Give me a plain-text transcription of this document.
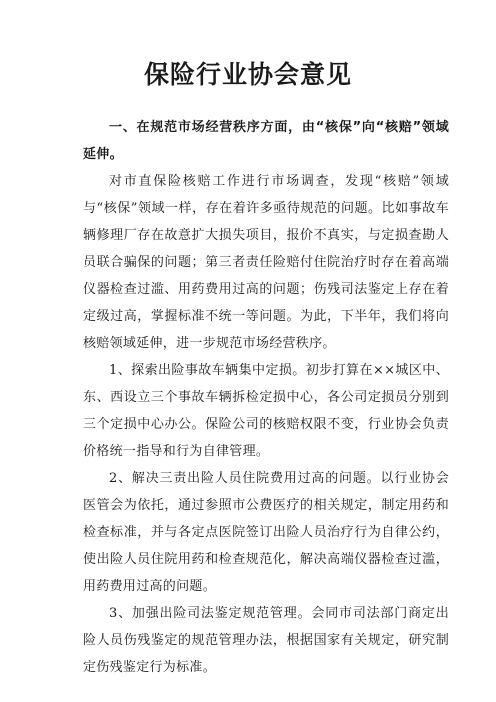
保险行业协会意见

一、在规范市场经营秩序方面，由“核保”向“核赔”领域延伸。

对市直保险核赔工作进行市场调查，发现“核赔”领域与“核保”领域一样，存在着许多亟待规范的问题。比如事故车辆修理厂存在故意扩大损失项目，报价不真实，与定损查勘人员联合骗保的问题；第三者责任险赔付住院治疗时存在着高端仪器检查过滥、用药费用过高的问题；伤残司法鉴定上存在着定级过高，掌握标准不统一等问题。为此，下半年，我们将向核赔领域延伸，进一步规范市场经营秩序。

1、探索出险事故车辆集中定损。初步打算在××城区中、东、西设立三个事故车辆拆检定损中心，各公司定损员分别到三个定损中心办公。保险公司的核赔权限不变，行业协会负责价格统一指导和行为自律管理。

2、解决三责出险人员住院费用过高的问题。以行业协会医管会为依托，通过参照市公费医疗的相关规定，制定用药和检查标准，并与各定点医院签订出险人员治疗行为自律公约，使出险人员住院用药和检查规范化，解决高端仪器检查过滥，用药费用过高的问题。

3、加强出险司法鉴定规范管理。会同市司法部门商定出险人员伤残鉴定的规范管理办法，根据国家有关规定，研究制定伤残鉴定行为标准。
